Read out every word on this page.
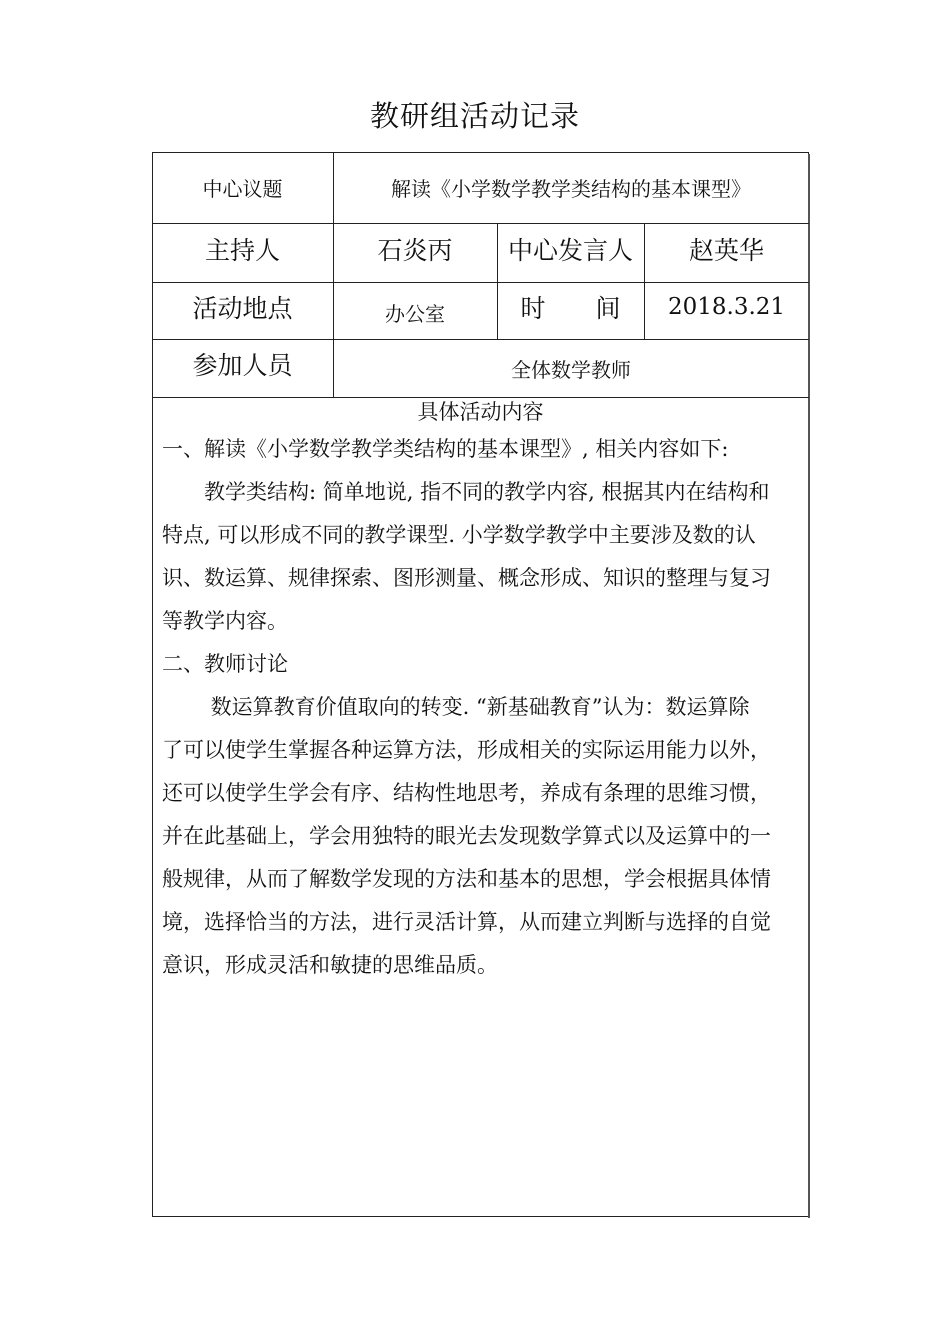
教研组活动记录
中心议题	解读《小学数学教学类结构的基本课型》
主持人	石炎丙	中心发言人	赵英华
活动地点	办公室	时　　间	2018.3.21
参加人员	全体数学教师
具体活动内容

一、解读《小学数学教学类结构的基本课型》, 相关内容如下:

　　教学类结构: 简单地说, 指不同的教学内容, 根据其内在结构和

特点, 可以形成不同的教学课型. 小学数学教学中主要涉及数的认

识、数运算、规律探索、图形测量、概念形成、知识的整理与复习

等教学内容。

二、教师讨论

　　 数运算教育价值取向的转变. “新基础教育”认为：数运算除

了可以使学生掌握各种运算方法，形成相关的实际运用能力以外，

还可以使学生学会有序、结构性地思考，养成有条理的思维习惯，

并在此基础上，学会用独特的眼光去发现数学算式以及运算中的一

般规律，从而了解数学发现的方法和基本的思想，学会根据具体情

境，选择恰当的方法，进行灵活计算，从而建立判断与选择的自觉

意识，形成灵活和敏捷的思维品质。
